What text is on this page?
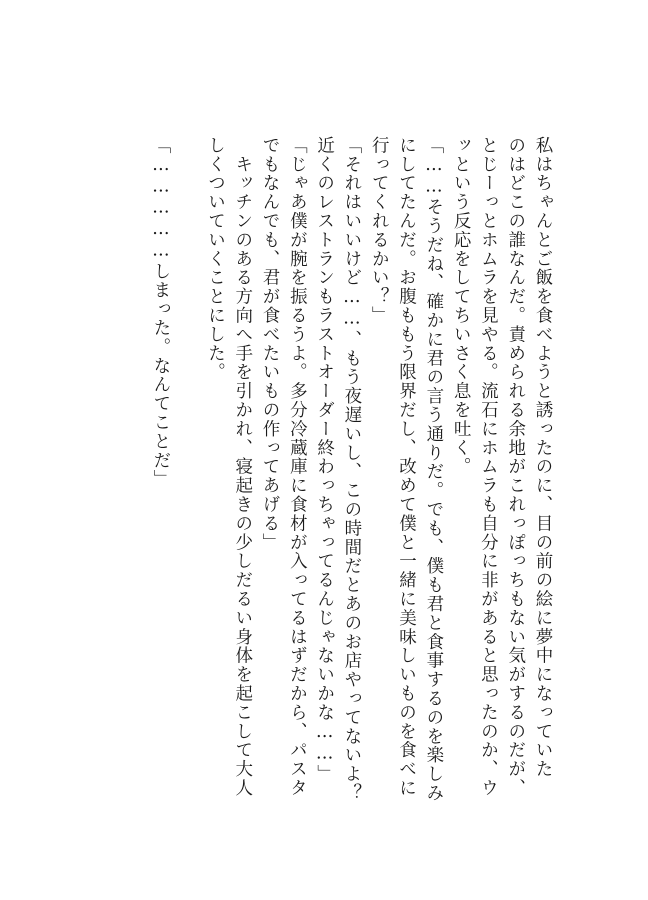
私はちゃんとご飯を食べようと誘ったのに、目の前の絵に夢中になっていた
のはどこの誰なんだ。責められる余地がこれっぽっちもない気がするのだが、
とじーっとホムラを見やる。流石にホムラも自分に非があると思ったのか、ウ
ッという反応をしてちいさく息を吐く。
「……そうだね、確かに君の言う通りだ。でも、僕も君と食事するのを楽しみ
にしてたんだ。お腹ももう限界だし、改めて僕と一緒に美味しいものを食べに
行ってくれるかい？」
「それはいいけど……、もう夜遅いし、この時間だとあのお店やってないよ？
近くのレストランもラストオーダー終わっちゃってるんじゃないかな……」
「じゃあ僕が腕を振るうよ。多分冷蔵庫に食材が入ってるはずだから、パスタ
でもなんでも、君が食べたいもの作ってあげる」
　キッチンのある方向へ手を引かれ、寝起きの少しだるい身体を起こして大人
しくついていくことにした。

「……………しまった。なんてことだ」
